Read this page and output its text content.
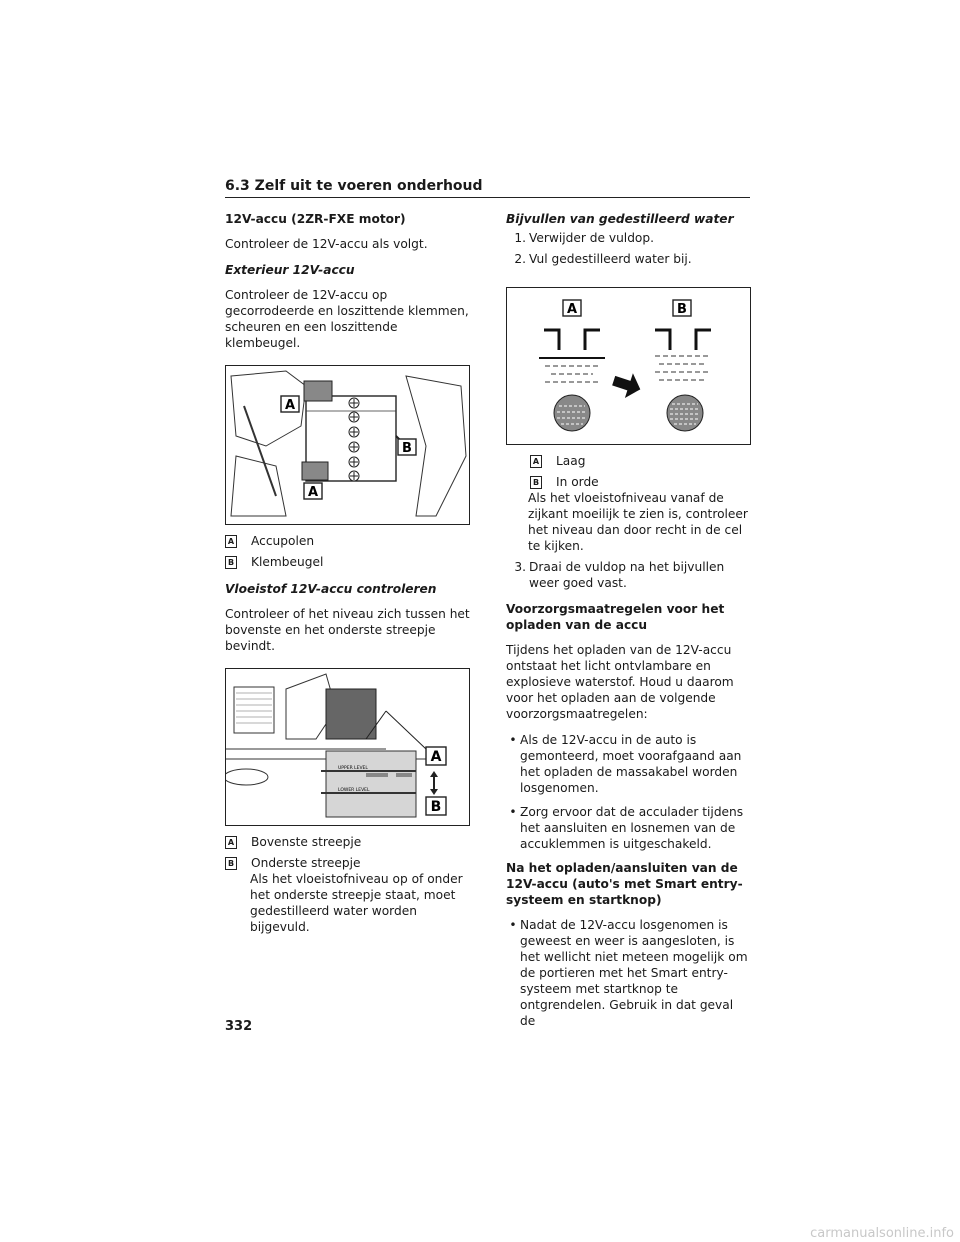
6.3 Zelf uit te voeren onderhoud
12V-accu (2ZR-FXE motor)

Controleer de 12V-accu als volgt.

Exterieur 12V-accu

Controleer de 12V-accu op gecorrodeerde en loszittende klemmen, scheuren en een loszittende klembeugel.

A
B
A
A Accupolen
B Klembeugel
Vloeistof 12V-accu controleren

Controleer of het niveau zich tussen het bovenste en het onderste streepje bevindt.

UPPER LEVEL
LOWER LEVEL
A
B
A Bovenste streepje
B Onderste streepje
Als het vloeistofniveau op of onder het onderste streepje staat, moet gedestilleerd water worden bijgevuld.
Bijvullen van gedestilleerd water
1. Verwijder de vuldop.
2. Vul gedestilleerd water bij.
A	B
A Laag
B In orde
Als het vloeistofniveau vanaf de zijkant moeilijk te zien is, controleer het niveau dan door recht in de cel te kijken.
3. Draai de vuldop na het bijvullen weer goed vast.
Voorzorgsmaatregelen voor het opladen van de accu

Tijdens het opladen van de 12V-accu ontstaat het licht ontvlambare en explosieve waterstof. Houd u daarom voor het opladen aan de volgende voorzorgsmaatregelen:

• Als de 12V-accu in de auto is gemonteerd, moet voorafgaand aan het opladen de massakabel worden losgenomen.
• Zorg ervoor dat de acculader tijdens het aansluiten en losnemen van de accuklemmen is uitgeschakeld.
Na het opladen/aansluiten van de 12V-accu (auto's met Smart entry-systeem en startknop)
• Nadat de 12V-accu losgenomen is geweest en weer is aangesloten, is het wellicht niet meteen mogelijk om de portieren met het Smart entry-systeem met startknop te ontgrendelen. Gebruik in dat geval de
332
carmanualsonline.info
